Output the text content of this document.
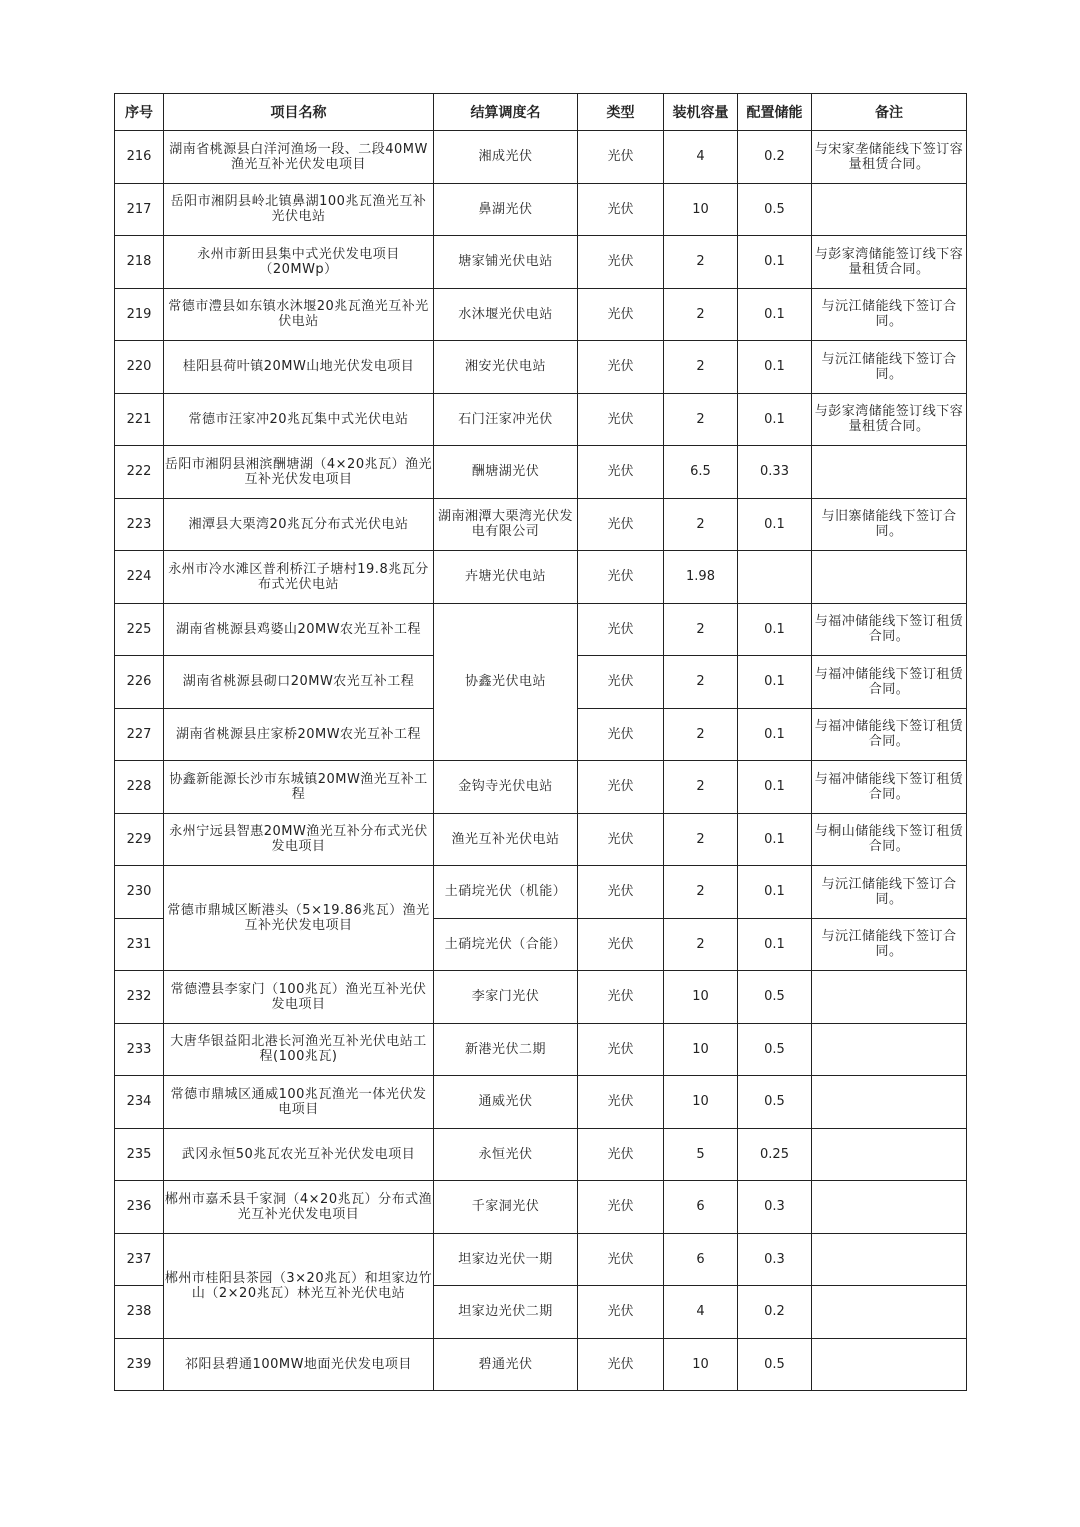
序号	项目名称	结算调度名	类型	装机容量	配置储能	备注
216	湖南省桃源县白洋河渔场一段、二段40MW渔光互补光伏发电项目	湘成光伏	光伏	4	0.2	与宋家垄储能线下签订容量租赁合同。
217	岳阳市湘阴县岭北镇鼻湖100兆瓦渔光互补光伏电站	鼻湖光伏	光伏	10	0.5	
218	永州市新田县集中式光伏发电项目（20MWp）	塘家铺光伏电站	光伏	2	0.1	与彭家湾储能签订线下容量租赁合同。
219	常德市澧县如东镇水沐堰20兆瓦渔光互补光伏电站	水沐堰光伏电站	光伏	2	0.1	与沅江储能线下签订合同。
220	桂阳县荷叶镇20MW山地光伏发电项目	湘安光伏电站	光伏	2	0.1	与沅江储能线下签订合同。
221	常德市汪家冲20兆瓦集中式光伏电站	石门汪家冲光伏	光伏	2	0.1	与彭家湾储能签订线下容量租赁合同。
222	岳阳市湘阴县湘滨酬塘湖（4×20兆瓦）渔光互补光伏发电项目	酬塘湖光伏	光伏	6.5	0.33	
223	湘潭县大栗湾20兆瓦分布式光伏电站	湖南湘潭大栗湾光伏发电有限公司	光伏	2	0.1	与旧寨储能线下签订合同。
224	永州市冷水滩区普利桥江子塘村19.8兆瓦分布式光伏电站	卉塘光伏电站	光伏	1.98		
225	湖南省桃源县鸡婆山20MW农光互补工程	协鑫光伏电站	光伏	2	0.1	与福冲储能线下签订租赁合同。
226	湖南省桃源县砌口20MW农光互补工程		光伏	2	0.1	与福冲储能线下签订租赁合同。
227	湖南省桃源县庄家桥20MW农光互补工程		光伏	2	0.1	与福冲储能线下签订租赁合同。
228	协鑫新能源长沙市东城镇20MW渔光互补工程	金钩寺光伏电站	光伏	2	0.1	与福冲储能线下签订租赁合同。
229	永州宁远县智惠20MW渔光互补分布式光伏发电项目	渔光互补光伏电站	光伏	2	0.1	与桐山储能线下签订租赁合同。
230	常德市鼎城区断港头（5×19.86兆瓦）渔光互补光伏发电项目	土硝垸光伏（机能）	光伏	2	0.1	与沅江储能线下签订合同。
231		土硝垸光伏（合能）	光伏	2	0.1	与沅江储能线下签订合同。
232	常德澧县李家门（100兆瓦）渔光互补光伏发电项目	李家门光伏	光伏	10	0.5	
233	大唐华银益阳北港长河渔光互补光伏电站工程(100兆瓦)	新港光伏二期	光伏	10	0.5	
234	常德市鼎城区通威100兆瓦渔光一体光伏发电项目	通威光伏	光伏	10	0.5	
235	武冈永恒50兆瓦农光互补光伏发电项目	永恒光伏	光伏	5	0.25	
236	郴州市嘉禾县千家洞（4×20兆瓦）分布式渔光互补光伏发电项目	千家洞光伏	光伏	6	0.3	
237	郴州市桂阳县茶园（3×20兆瓦）和坦家边竹山（2×20兆瓦）林光互补光伏电站	坦家边光伏一期	光伏	6	0.3	
238		坦家边光伏二期	光伏	4	0.2	
239	祁阳县碧通100MW地面光伏发电项目	碧通光伏	光伏	10	0.5	
